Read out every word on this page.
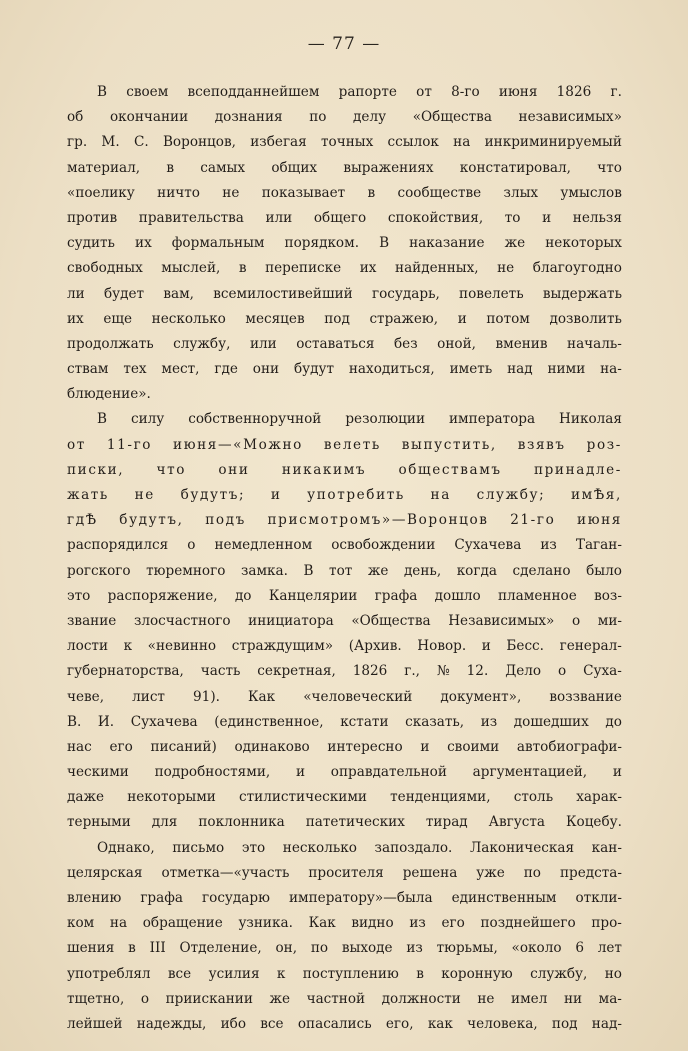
— 77 —
В своем всеподданнейшем рапорте от 8-го июня 1826 г.
об окончании дознания по делу «Общества независимых»
гр. М. С. Воронцов, избегая точных ссылок на инкриминируемый
материал, в самых общих выражениях констатировал, что
«поелику ничто не показывает в сообществе злых умыслов
против правительства или общего спокойствия, то и нельзя
судить их формальным порядком. В наказание же некоторых
свободных мыслей, в переписке их найденных, не благоугодно
ли будет вам, всемилостивейший государь, повелеть выдержать
их еще несколько месяцев под стражею, и потом дозволить
продолжать службу, или оставаться без оной, вменив началь-
ствам тех мест, где они будут находиться, иметь над ними на-
блюдение».

В силу собственноручной резолюции императора Николая
от 11-го июня—«Можно велеть выпустить, взявъ роз-
писки, что они никакимъ обществамъ принадле-
жать не будутъ; и употребить на службу; имѢя,
гдѢ будутъ, подъ присмотромъ»—Воронцов 21-го июня
распорядился о немедленном освобождении Сухачева из Таган-
рогского тюремного замка. В тот же день, когда сделано было
это распоряжение, до Канцелярии графа дошло пламенное воз-
звание злосчастного инициатора «Общества Независимых» о ми-
лости к «невинно страждущим» (Архив. Новор. и Бесс. генерал-
губернаторства, часть секретная, 1826 г., № 12. Дело о Суха-
чеве, лист 91). Как «человеческий документ», воззвание
В. И. Сухачева (единственное, кстати сказать, из дошедших до
нас его писаний) одинаково интересно и своими автобиографи-
ческими подробностями, и оправдательной аргументацией, и
даже некоторыми стилистическими тенденциями, столь харак-
терными для поклонника патетических тирад Августа Коцебу.
Однако, письмо это несколько запоздало. Лаконическая кан-
целярская отметка—«участь просителя решена уже по предста-
влению графа государю императору»—была единственным откли-
ком на обращение узника. Как видно из его позднейшего про-
шения в III Отделение, он, по выходе из тюрьмы, «около 6 лет
употреблял все усилия к поступлению в коронную службу, но
тщетно, о приискании же частной должности не имел ни ма-
лейшей надежды, ибо все опасались его, как человека, под над-
